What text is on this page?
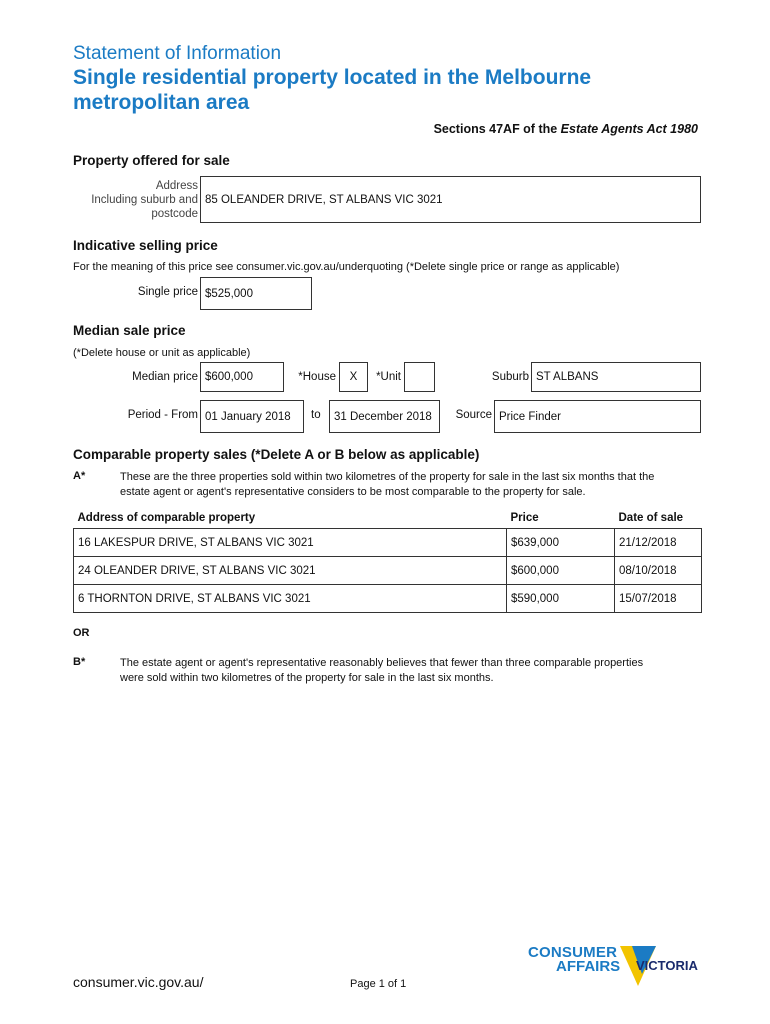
Statement of Information
Single residential property located in the Melbourne
metropolitan area
Sections 47AF of the Estate Agents Act 1980
Property offered for sale
Address
Including suburb and
postcode
85 OLEANDER DRIVE, ST ALBANS VIC 3021
Indicative selling price
For the meaning of this price see consumer.vic.gov.au/underquoting (*Delete single price or range as applicable)
Single price $525,000
Median sale price
(*Delete house or unit as applicable)
Median price $600,000	*House	X	*Unit	Suburb ST ALBANS
Period - From 01 January 2018	to	31 December 2018	Source Price Finder
Comparable property sales (*Delete A or B below as applicable)
A*	These are the three properties sold within two kilometres of the property for sale in the last six months that the
estate agent or agent's representative considers to be most comparable to the property for sale.
Address of comparable property	Price	Date of sale
16 LAKESPUR DRIVE, ST ALBANS VIC 3021	$639,000	21/12/2018
24 OLEANDER DRIVE, ST ALBANS VIC 3021	$600,000	08/10/2018
6 THORNTON DRIVE, ST ALBANS VIC 3021	$590,000	15/07/2018
OR
B*	The estate agent or agent's representative reasonably believes that fewer than three comparable properties
were sold within two kilometres of the property for sale in the last six months.
consumer.vic.gov.au/	Page 1 of 1
CONSUMER
AFFAIRS VICTORIA
